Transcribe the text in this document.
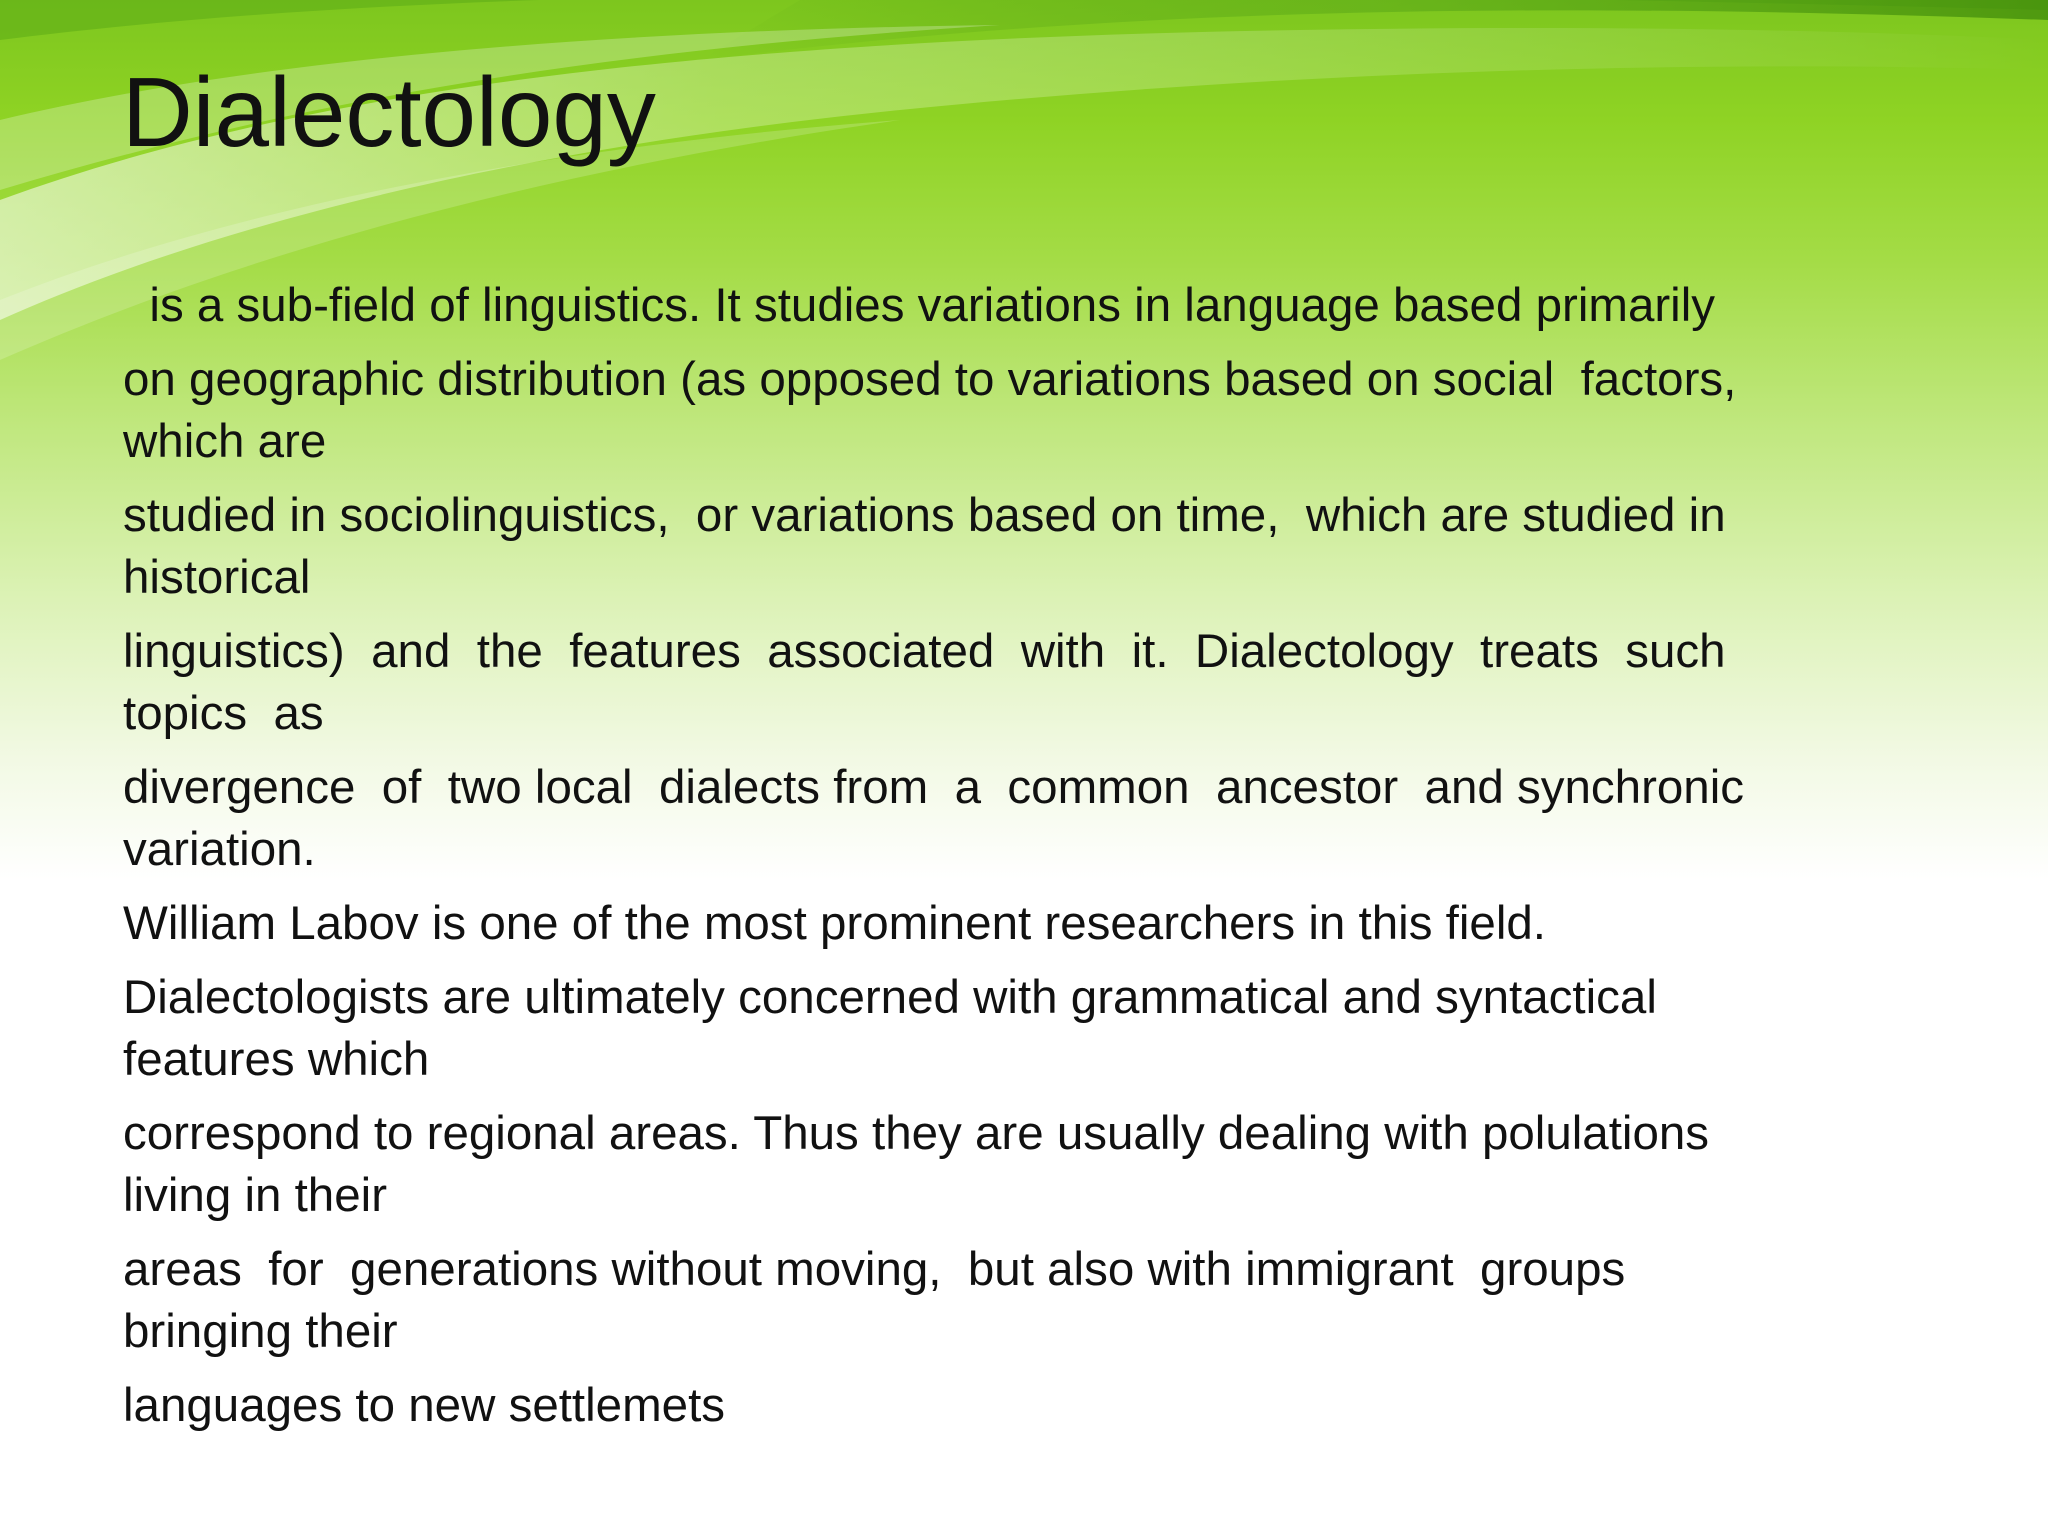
Dialectology

is a sub-field of linguistics. It studies variations in language based primarily

on geographic distribution (as opposed to variations based on social  factors,
which are

studied in sociolinguistics,  or variations based on time,  which are studied in
historical

linguistics)  and  the  features  associated  with  it.  Dialectology  treats  such
topics  as

divergence  of  two local  dialects from  a  common  ancestor  and synchronic
variation.

William Labov is one of the most prominent researchers in this field.

Dialectologists are ultimately concerned with grammatical and syntactical
features which

correspond to regional areas. Thus they are usually dealing with polulations
living in their

areas  for  generations without moving,  but also with immigrant  groups
bringing their

languages to new settlemets
